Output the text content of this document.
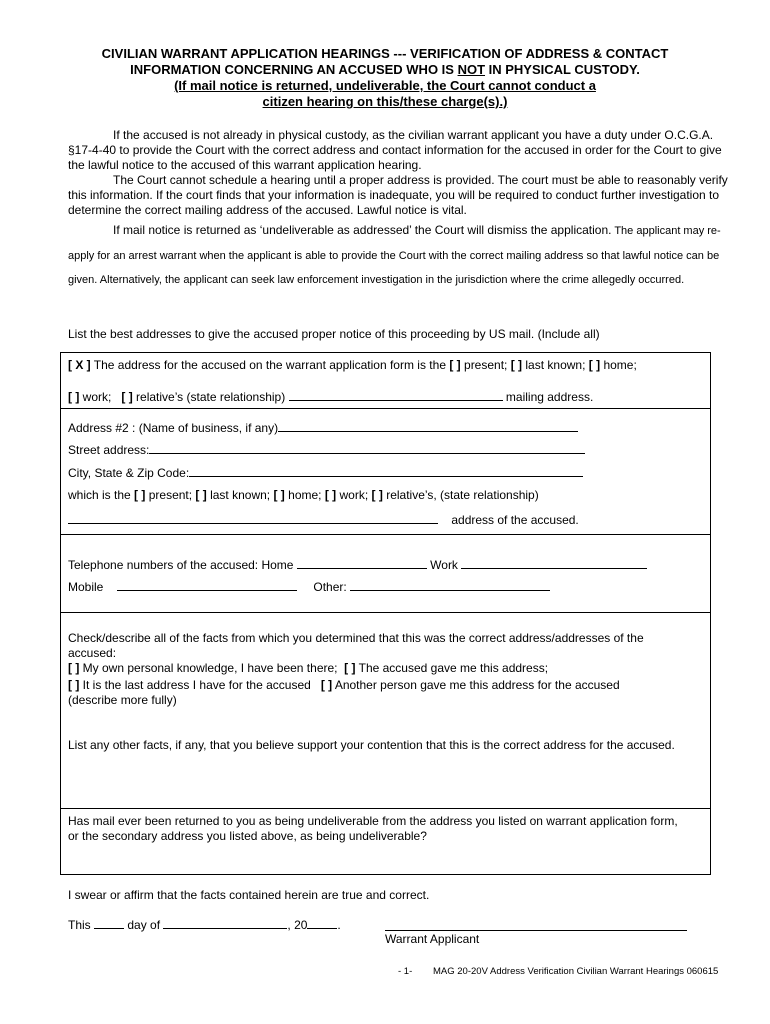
CIVILIAN WARRANT APPLICATION HEARINGS --- VERIFICATION OF ADDRESS & CONTACT
INFORMATION CONCERNING AN ACCUSED WHO IS NOT IN PHYSICAL CUSTODY.
(If mail notice is returned, undeliverable, the Court cannot conduct a
citizen hearing on this/these charge(s).)
If the accused is not already in physical custody, as the civilian warrant applicant you have a duty under O.C.G.A. §17-4-40 to provide the Court with the correct address and contact information for the accused in order for the Court to give the lawful notice to the accused of this warrant application hearing.
The Court cannot schedule a hearing until a proper address is provided. The court must be able to reasonably verify this information. If the court finds that your information is inadequate, you will be required to conduct further investigation to determine the correct mailing address of the accused. Lawful notice is vital.
If mail notice is returned as ‘undeliverable as addressed’ the Court will dismiss the application. The applicant may re-apply for an arrest warrant when the applicant is able to provide the Court with the correct mailing address so that lawful notice can be given. Alternatively, the applicant can seek law enforcement investigation in the jurisdiction where the crime allegedly occurred.
List the best addresses to give the accused proper notice of this proceeding by US mail. (Include all)
[ X ] The address for the accused on the warrant application form is the [ ] present; [ ] last known; [ ] home;
[ ] work; [ ] relative’s (state relationship)	mailing address.
Address #2 : (Name of business, if any)
Street address:
City, State & Zip Code:
which is the [ ] present; [ ] last known; [ ] home; [ ] work; [ ] relative’s, (state relationship)
address of the accused.
Telephone numbers of the accused: Home	Work
Mobile	Other:
Check/describe all of the facts from which you determined that this was the correct address/addresses of the accused:
[ ] My own personal knowledge, I have been there; [ ] The accused gave me this address;
[ ] It is the last address I have for the accused [ ] Another person gave me this address for the accused
(describe more fully)
List any other facts, if any, that you believe support your contention that this is the correct address for the accused.
Has mail ever been returned to you as being undeliverable from the address you listed on warrant application form, or the secondary address you listed above, as being undeliverable?
I swear or affirm that the facts contained herein are true and correct.
This	day of	, 20	.
Warrant Applicant
- 1- MAG 20-20V Address Verification Civilian Warrant Hearings 060615
